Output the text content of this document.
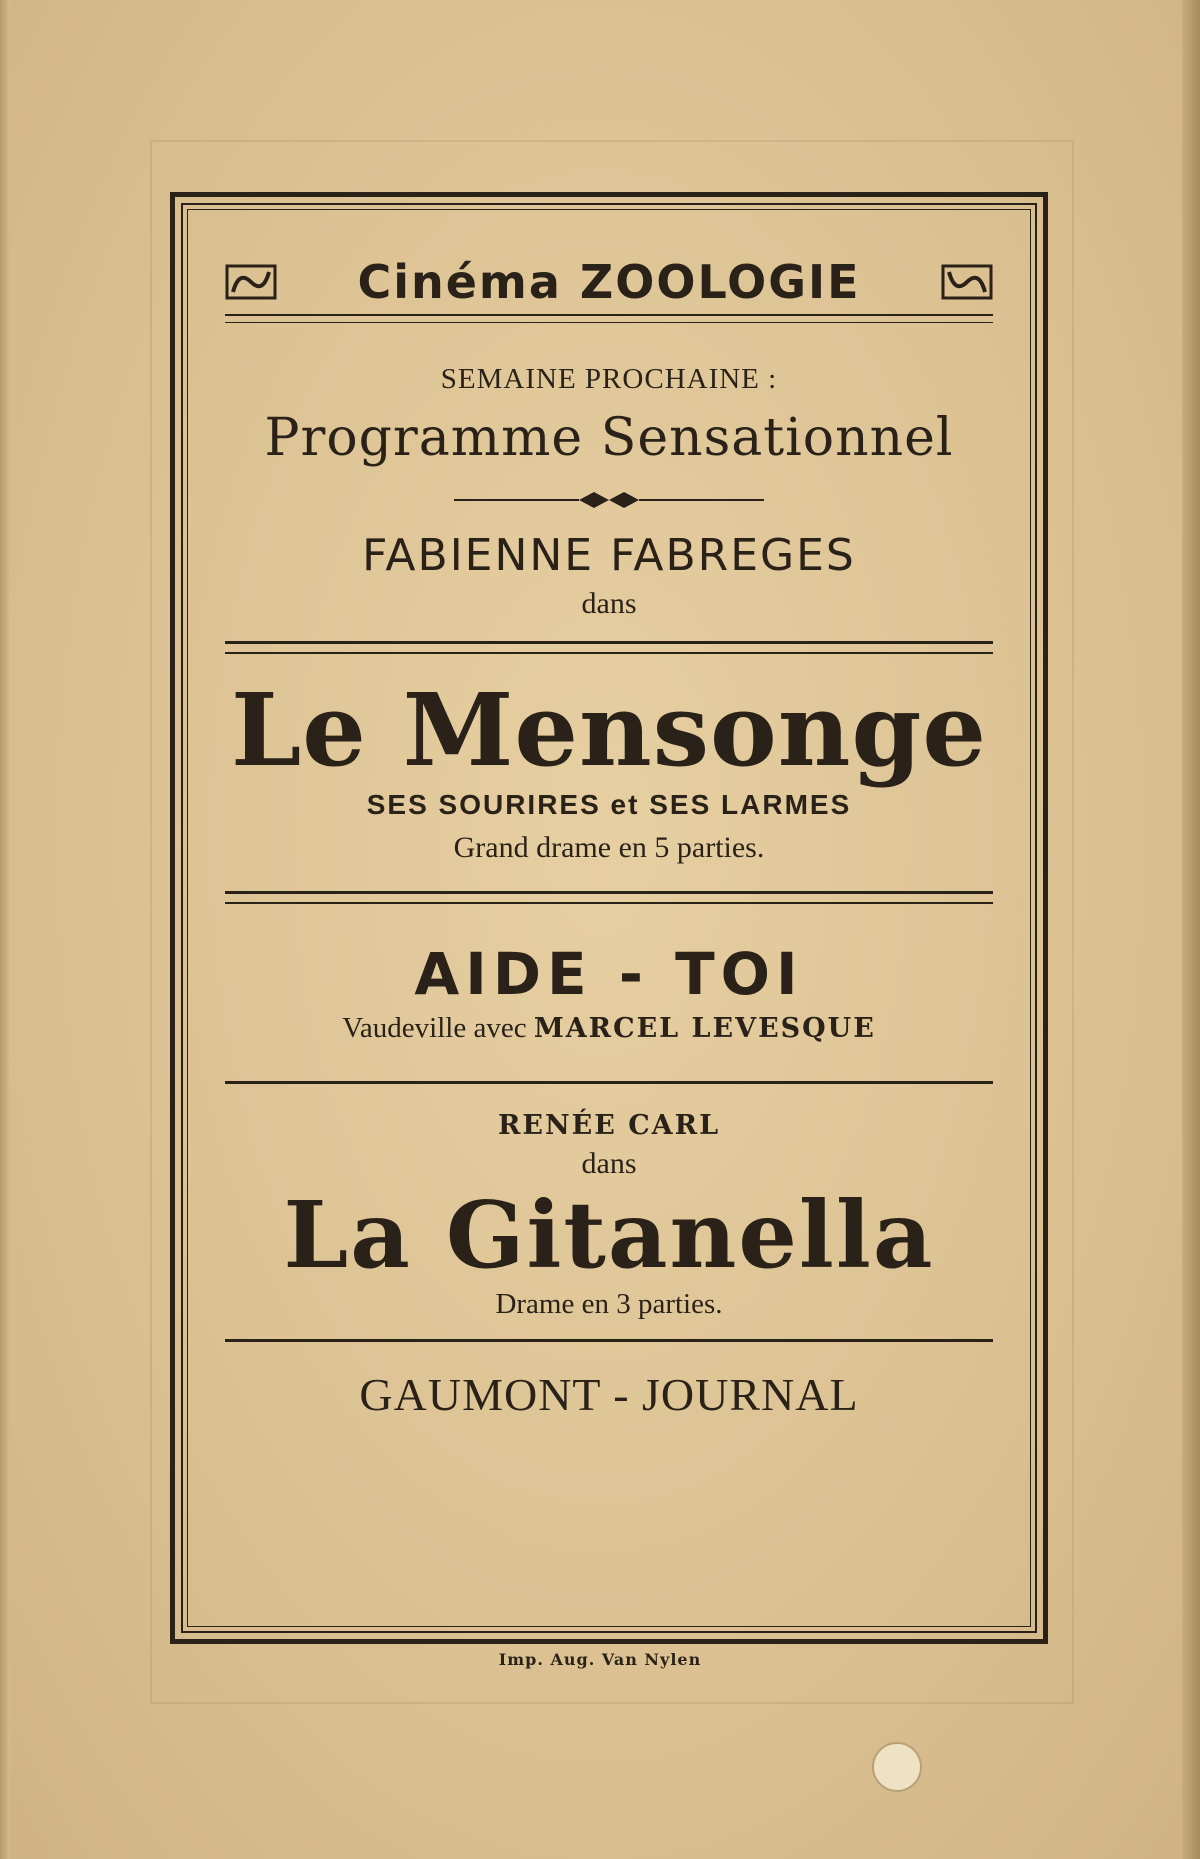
Cinéma ZOOLOGIE
SEMAINE PROCHAINE :
Programme Sensationnel
FABIENNE FABREGES
dans
Le Mensonge
SES SOURIRES et SES LARMES
Grand drame en 5 parties.
AIDE - TOI
Vaudeville avec MARCEL LEVESQUE
RENÉE CARL
dans
La Gitanella
Drame en 3 parties.
GAUMONT - JOURNAL
Imp. Aug. Van Nylen
